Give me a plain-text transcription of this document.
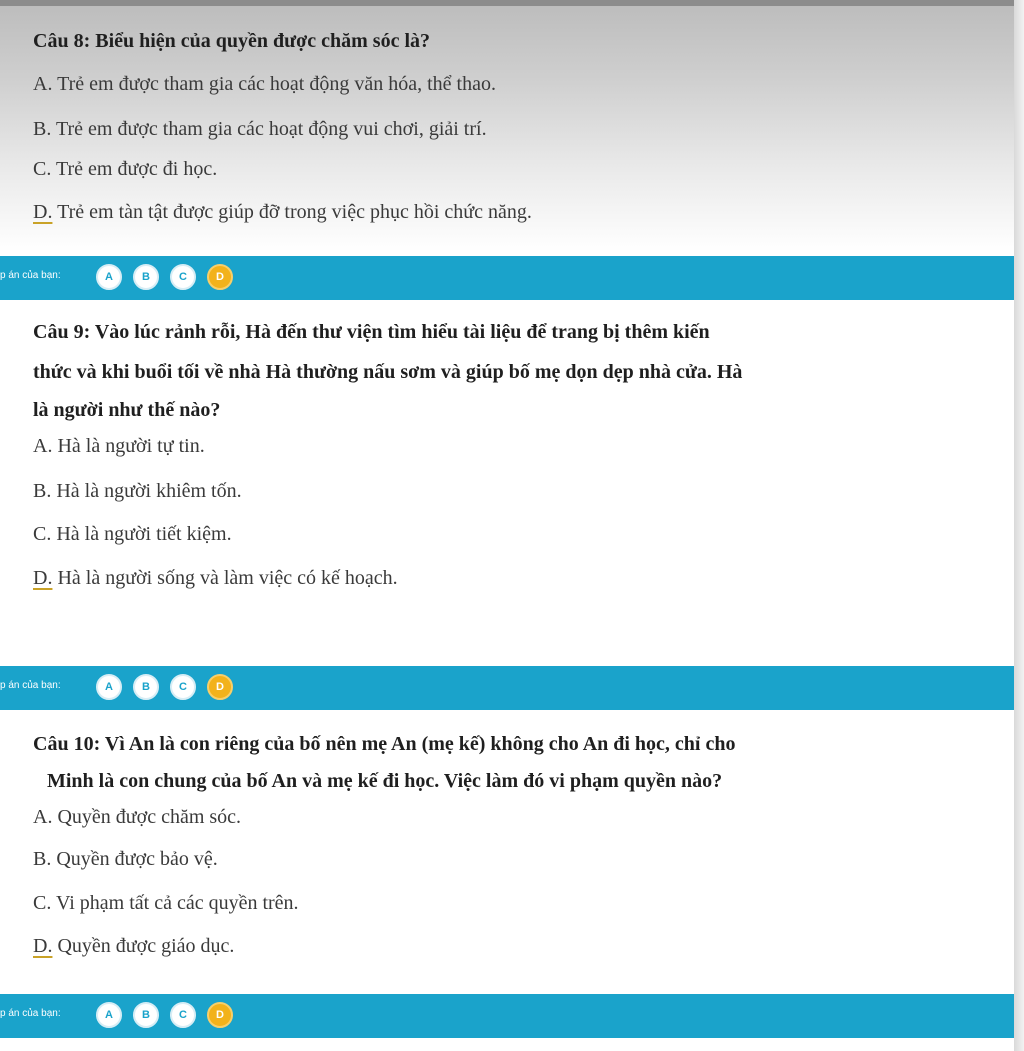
Câu 8: Biểu hiện của quyền được chăm sóc là?
A. Trẻ em được tham gia các hoạt động văn hóa, thể thao.
B. Trẻ em được tham gia các hoạt động vui chơi, giải trí.
C. Trẻ em được đi học.
D. Trẻ em tàn tật được giúp đỡ trong việc phục hồi chức năng.
p án của bạn:	A	B	C	D
Câu 9: Vào lúc rảnh rỗi, Hà đến thư viện tìm hiểu tài liệu để trang bị thêm kiến
thức và khi buổi tối về nhà Hà thường nấu sơm và giúp bố mẹ dọn dẹp nhà cửa. Hà
là người như thế nào?
A. Hà là người tự tin.
B. Hà là người khiêm tốn.
C. Hà là người tiết kiệm.
D. Hà là người sống và làm việc có kế hoạch.
p án của bạn:	A	B	C	D
Câu 10: Vì An là con riêng của bố nên mẹ An (mẹ kế) không cho An đi học, chỉ cho
Minh là con chung của bố An và mẹ kế đi học. Việc làm đó vi phạm quyền nào?
A. Quyền được chăm sóc.
B. Quyền được bảo vệ.
C. Vi phạm tất cả các quyền trên.
D. Quyền được giáo dục.
p án của bạn:	A	B	C	D
